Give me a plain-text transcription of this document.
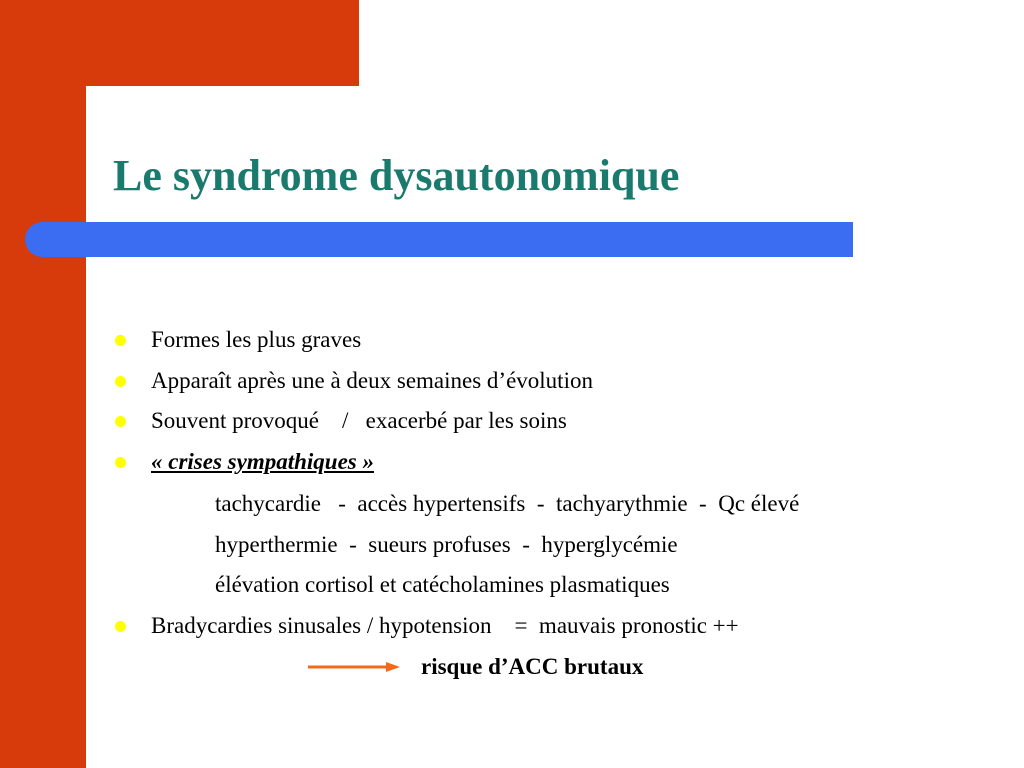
Le syndrome dysautonomique
Formes les plus graves
Apparaît après une à deux semaines d’évolution
Souvent provoqué    /   exacerbé par les soins
« crises sympathiques »
tachycardie   -  accès hypertensifs  -  tachyarythmie  -  Qc élevé
hyperthermie  -  sueurs profuses  -  hyperglycémie
élévation cortisol et catécholamines plasmatiques
Bradycardies sinusales / hypotension    =  mauvais pronostic ++
risque d’ACC brutaux
